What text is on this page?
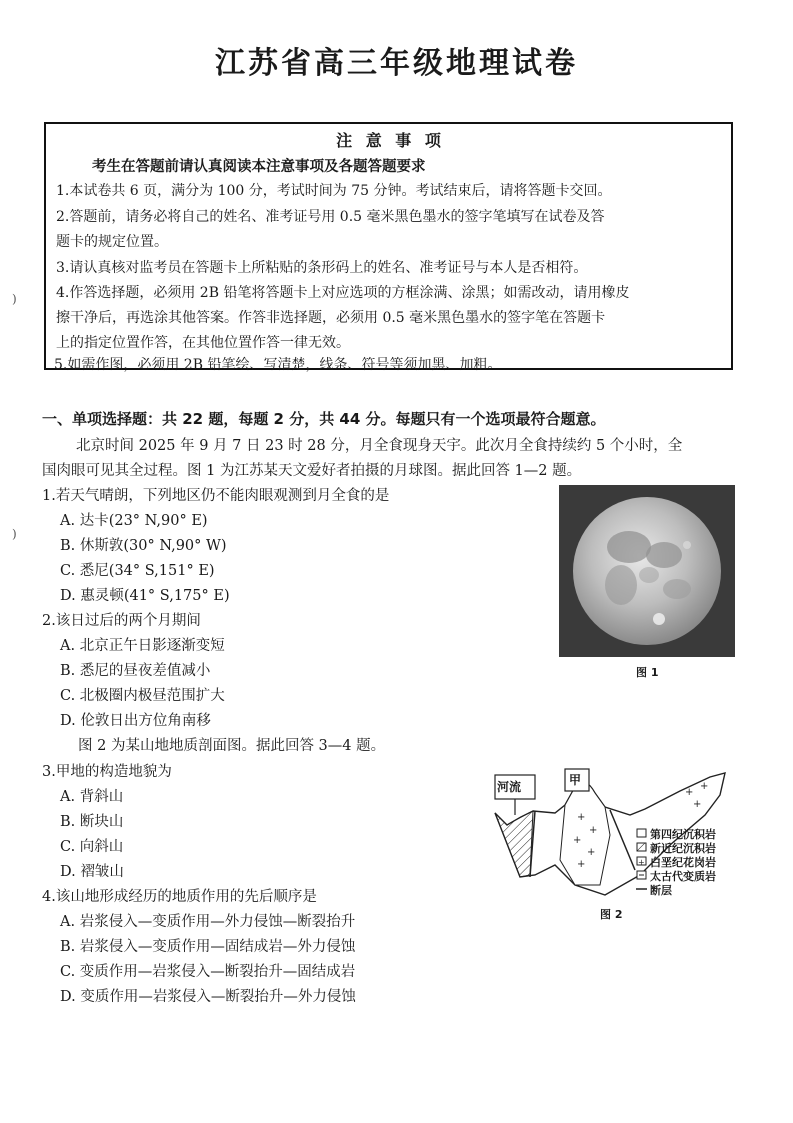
江苏省高三年级地理试卷
注 意 事 项
考生在答题前请认真阅读本注意事项及各题答题要求
1.本试卷共 6 页，满分为 100 分，考试时间为 75 分钟。考试结束后，请将答题卡交回。
2.答题前，请务必将自己的姓名、准考证号用 0.5 毫米黑色墨水的签字笔填写在试卷及答
题卡的规定位置。
3.请认真核对监考员在答题卡上所粘贴的条形码上的姓名、准考证号与本人是否相符。
4.作答选择题，必须用 2B 铅笔将答题卡上对应选项的方框涂满、涂黑；如需改动，请用橡皮
擦干净后，再选涂其他答案。作答非选择题，必须用 0.5 毫米黑色墨水的签字笔在答题卡
上的指定位置作答，在其他位置作答一律无效。
5.如需作图，必须用 2B 铅笔绘、写清楚，线条、符号等须加黑、加粗。
)
)
一、单项选择题：共 22 题，每题 2 分，共 44 分。每题只有一个选项最符合题意。
北京时间 2025 年 9 月 7 日 23 时 28 分，月全食现身天宇。此次月全食持续约 5 个小时，全
国肉眼可见其全过程。图 1 为江苏某天文爱好者拍摄的月球图。据此回答 1—2 题。
1.若天气晴朗，下列地区仍不能肉眼观测到月全食的是
A. 达卡(23° N,90° E)
B. 休斯敦(30° N,90° W)
C. 悉尼(34° S,151° E)
D. 惠灵顿(41° S,175° E)
2.该日过后的两个月期间
A. 北京正午日影逐渐变短
B. 悉尼的昼夜差值减小
C. 北极圈内极昼范围扩大
D. 伦敦日出方位角南移
图 2 为某山地地质剖面图。据此回答 3—4 题。
3.甲地的构造地貌为
A. 背斜山
B. 断块山
C. 向斜山
D. 褶皱山
4.该山地形成经历的地质作用的先后顺序是
A. 岩浆侵入—变质作用—外力侵蚀—断裂抬升
B. 岩浆侵入—变质作用—固结成岩—外力侵蚀
C. 变质作用—岩浆侵入—断裂抬升—固结成岩
D. 变质作用—岩浆侵入—断裂抬升—外力侵蚀
图 1
+
+
+
+
+
+
+
+
+
河流	甲
第四纪沉积岩
新近纪沉积岩
白垩纪花岗岩
太古代变质岩
断层
图 2
